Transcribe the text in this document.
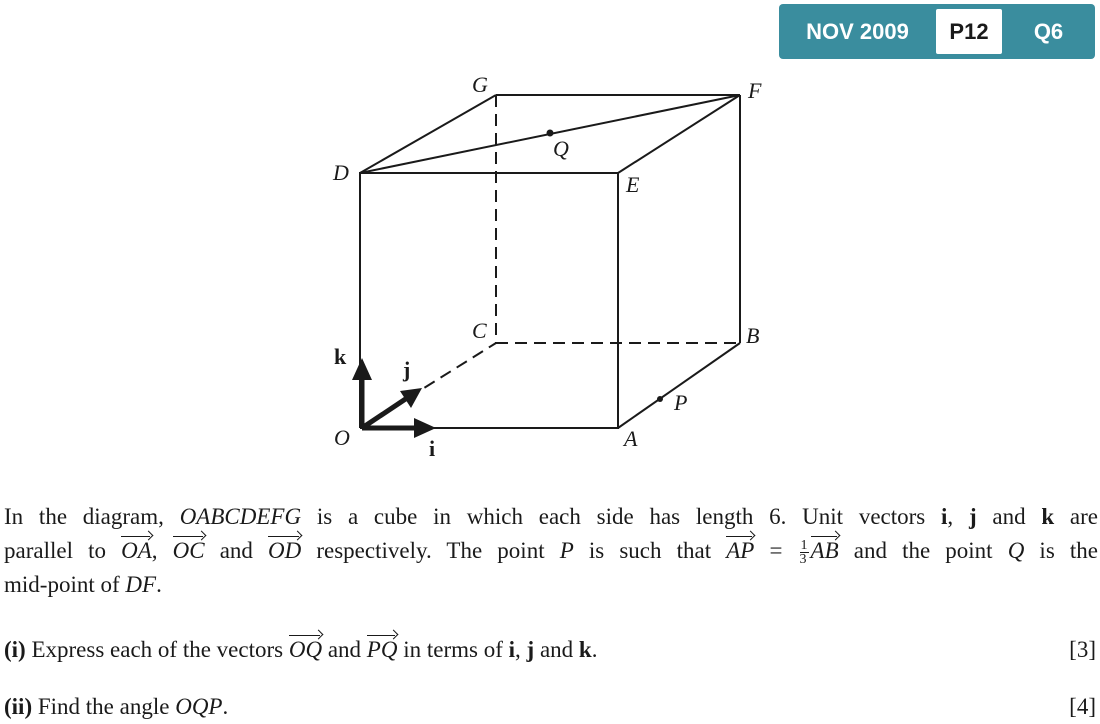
NOV 2009	P12	Q6
O	A
B
C
D	E
F
G
P
Q
k
j
i
In the diagram, OABCDEFG is a cube in which each side has length 6. Unit vectors i, j and k are
parallel to OA, OC and OD respectively. The point P is such that AP = $\frac{1}{3}$ AB and the point Q is the
mid-point of DF.
(i) Express each of the vectors OQ and PQ in terms of i, j and k.	[3]
(ii) Find the angle OQP.	[4]
